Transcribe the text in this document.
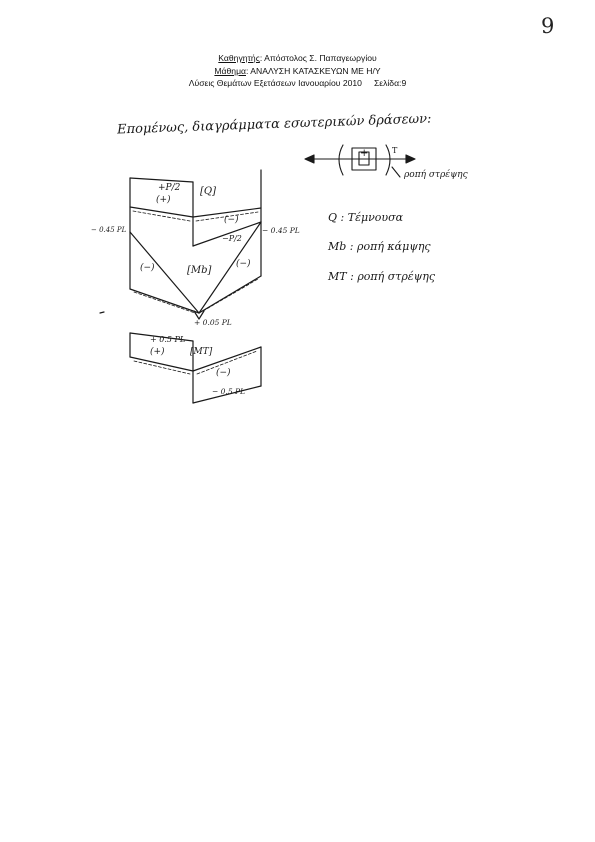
9
Καθηγητής: Απόστολος Σ. Παπαγεωργίου
Μάθημα: ΑΝΑΛΥΣΗ ΚΑΤΑΣΚΕΥΩΝ ΜΕ Η/Υ
Λύσεις Θεμάτων Εξετάσεων Ιανουαρίου 2010 Σελίδα:9
Επομένως, διαγράμματα εσωτερικών δράσεων:
+	T
ροπή στρέψης
+P/2 [Q]
(+)
(−)
−P/2
− 0.45 PL
− 0.45 PL
(−)	[Mb]
(−)
+ 0.05 PL
+ 0.5 PL
(+)	[MT]
(−)
− 0.5 PL
Q : Τέμνουσα
Mb : ροπή κάμψης
MT : ροπή στρέψης
